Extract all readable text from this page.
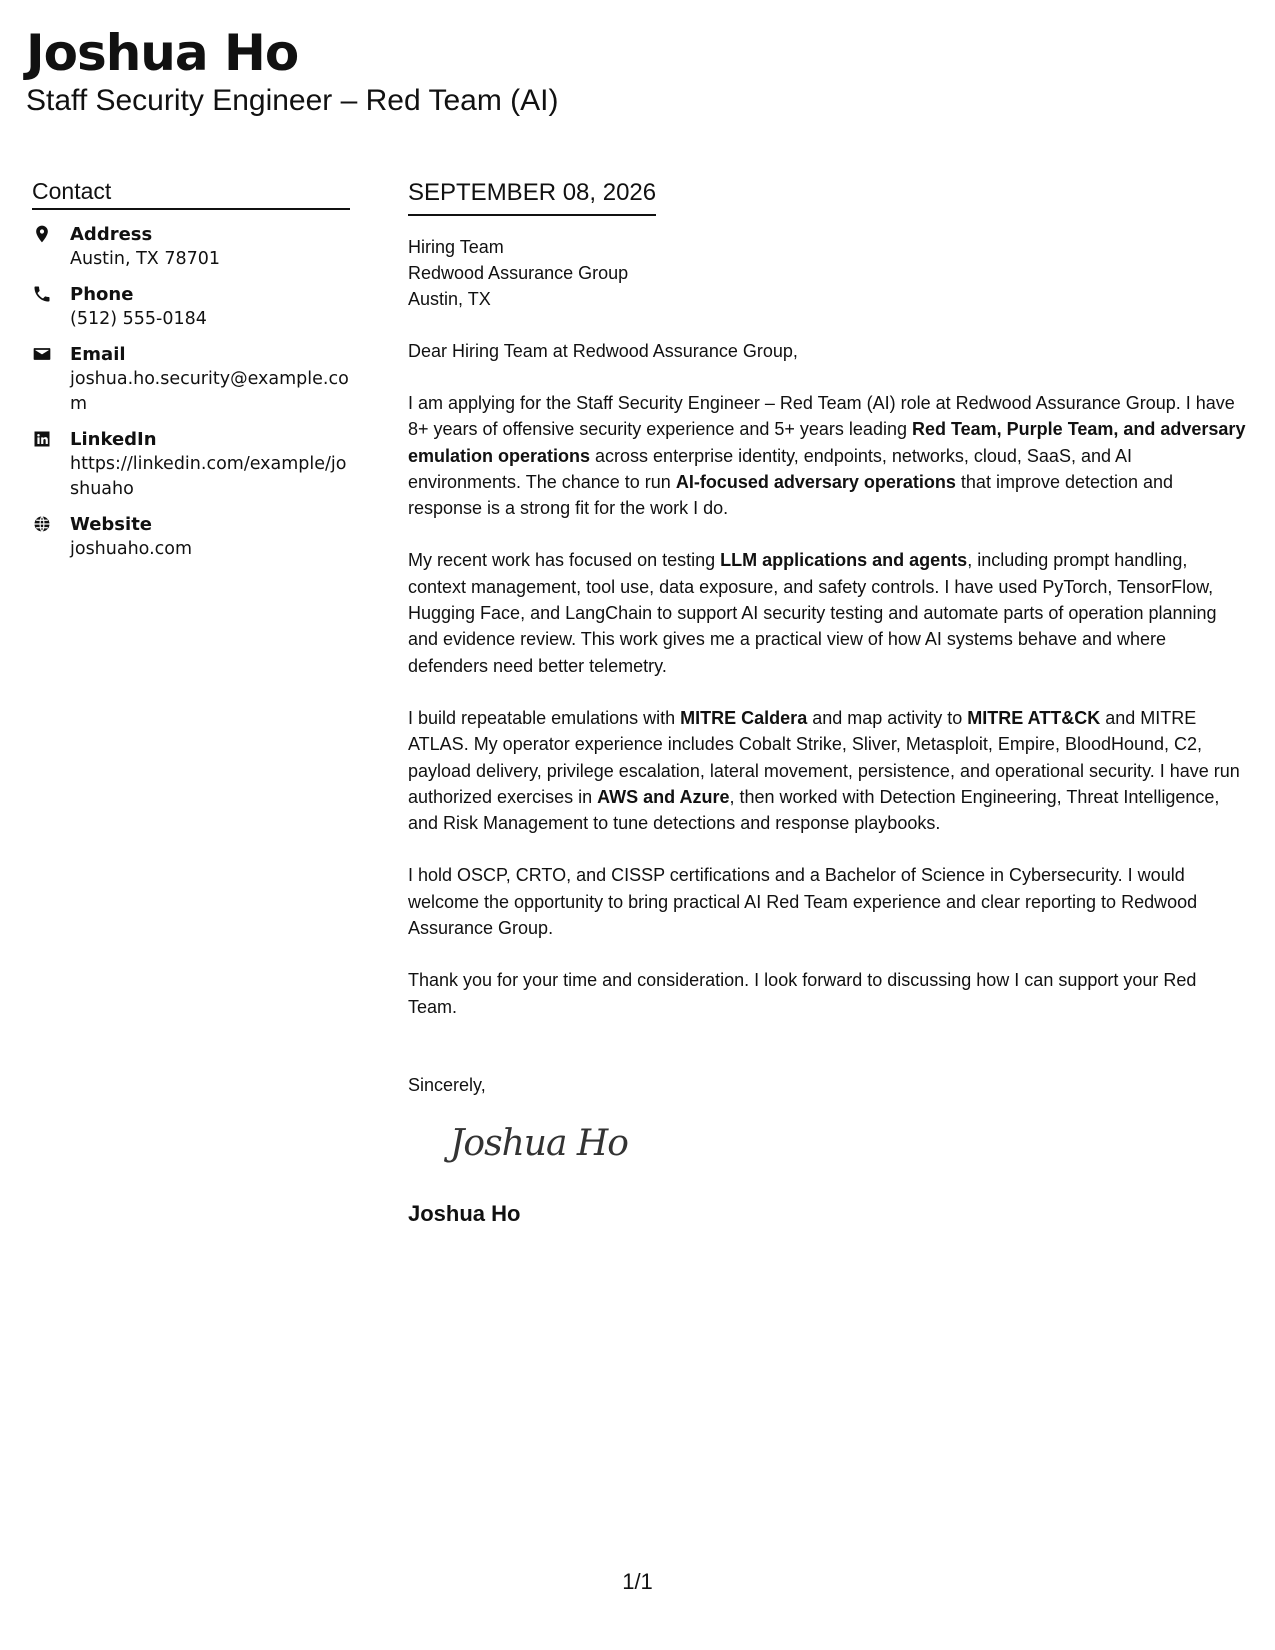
Joshua Ho
Staff Security Engineer – Red Team (AI)
Contact
Address
Austin, TX 78701
Phone
(512) 555-0184
Email
joshua.ho.security@example.com
LinkedIn
https://linkedin.com/example/joshuaho
Website
joshuaho.com
SEPTEMBER 08, 2026
Hiring Team
Redwood Assurance Group
Austin, TX
Dear Hiring Team at Redwood Assurance Group,
I am applying for the Staff Security Engineer – Red Team (AI) role at Redwood Assurance Group. I have 8+ years of offensive security experience and 5+ years leading Red Team, Purple Team, and adversary emulation operations across enterprise identity, endpoints, networks, cloud, SaaS, and AI environments. The chance to run AI-focused adversary operations that improve detection and response is a strong fit for the work I do.
My recent work has focused on testing LLM applications and agents, including prompt handling, context management, tool use, data exposure, and safety controls. I have used PyTorch, TensorFlow, Hugging Face, and LangChain to support AI security testing and automate parts of operation planning and evidence review. This work gives me a practical view of how AI systems behave and where defenders need better telemetry.
I build repeatable emulations with MITRE Caldera and map activity to MITRE ATT&CK and MITRE ATLAS. My operator experience includes Cobalt Strike, Sliver, Metasploit, Empire, BloodHound, C2, payload delivery, privilege escalation, lateral movement, persistence, and operational security. I have run authorized exercises in AWS and Azure, then worked with Detection Engineering, Threat Intelligence, and Risk Management to tune detections and response playbooks.
I hold OSCP, CRTO, and CISSP certifications and a Bachelor of Science in Cybersecurity. I would welcome the opportunity to bring practical AI Red Team experience and clear reporting to Redwood Assurance Group.
Thank you for your time and consideration. I look forward to discussing how I can support your Red Team.
Sincerely,
Joshua Ho
Joshua Ho
1/1
